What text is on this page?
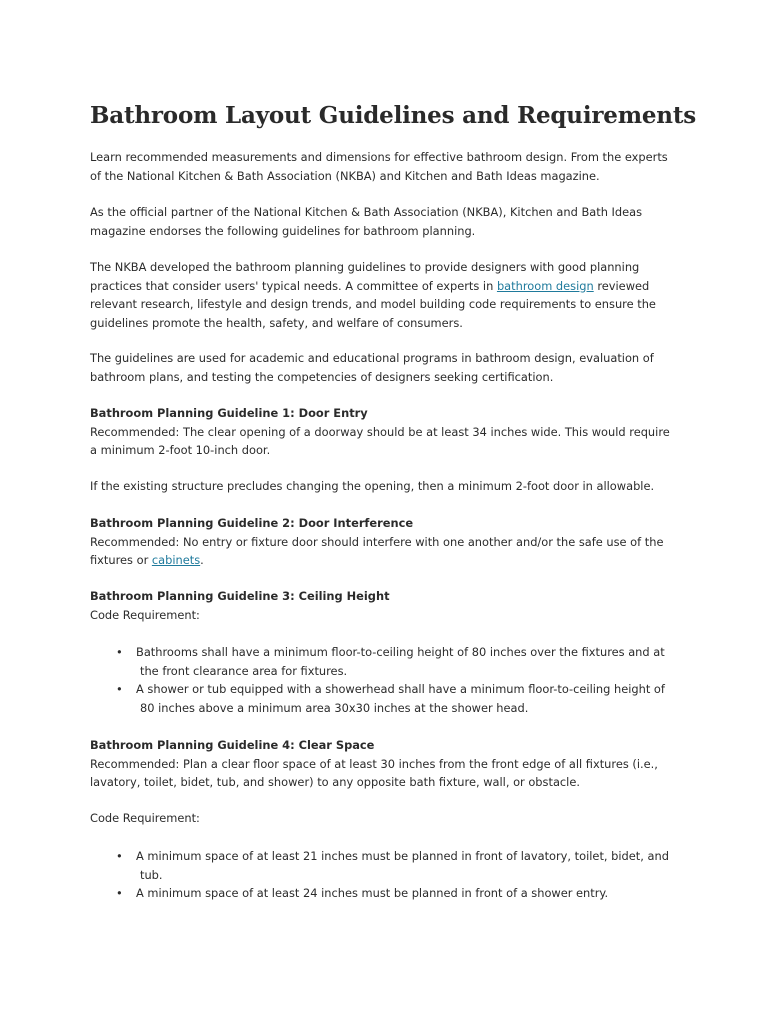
Bathroom Layout Guidelines and Requirements

Learn recommended measurements and dimensions for effective bathroom design. From the experts
of the National Kitchen & Bath Association (NKBA) and Kitchen and Bath Ideas magazine.

As the official partner of the National Kitchen & Bath Association (NKBA), Kitchen and Bath Ideas
magazine endorses the following guidelines for bathroom planning.

The NKBA developed the bathroom planning guidelines to provide designers with good planning
practices that consider users' typical needs. A committee of experts in bathroom design reviewed
relevant research, lifestyle and design trends, and model building code requirements to ensure the
guidelines promote the health, safety, and welfare of consumers.

The guidelines are used for academic and educational programs in bathroom design, evaluation of
bathroom plans, and testing the competencies of designers seeking certification.

Bathroom Planning Guideline 1: Door Entry
Recommended: The clear opening of a doorway should be at least 34 inches wide. This would require
a minimum 2-foot 10-inch door.

If the existing structure precludes changing the opening, then a minimum 2-foot door in allowable.

Bathroom Planning Guideline 2: Door Interference
Recommended: No entry or fixture door should interfere with one another and/or the safe use of the
fixtures or cabinets.

Bathroom Planning Guideline 3: Ceiling Height
Code Requirement:

• Bathrooms shall have a minimum floor-to-ceiling height of 80 inches over the fixtures and at
the front clearance area for fixtures.
• A shower or tub equipped with a showerhead shall have a minimum floor-to-ceiling height of
80 inches above a minimum area 30x30 inches at the shower head.

Bathroom Planning Guideline 4: Clear Space
Recommended: Plan a clear floor space of at least 30 inches from the front edge of all fixtures (i.e.,
lavatory, toilet, bidet, tub, and shower) to any opposite bath fixture, wall, or obstacle.

Code Requirement:

• A minimum space of at least 21 inches must be planned in front of lavatory, toilet, bidet, and
tub.
• A minimum space of at least 24 inches must be planned in front of a shower entry.
